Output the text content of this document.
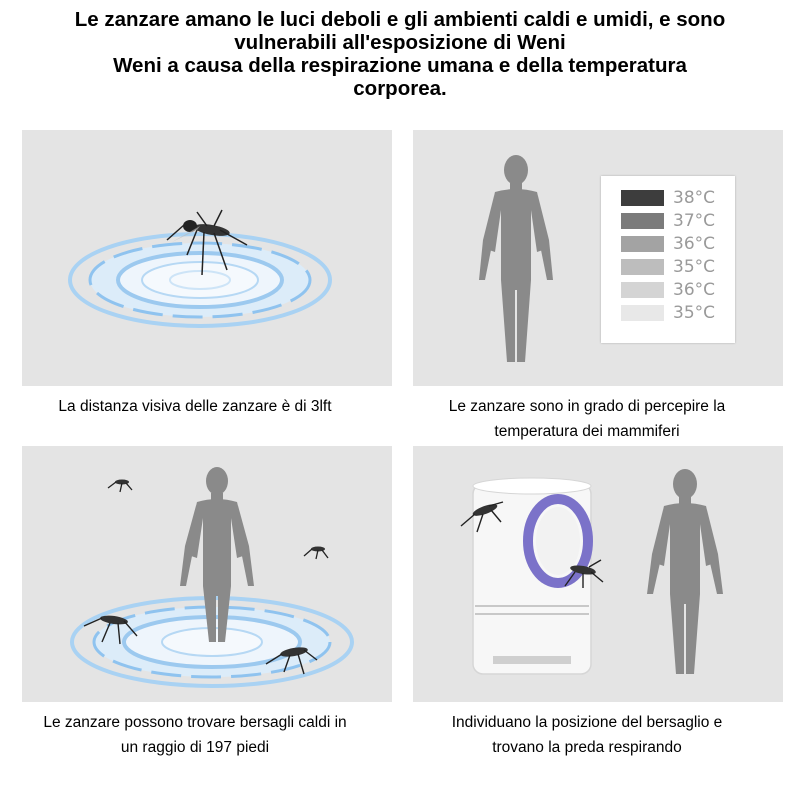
Le zanzare amano le luci deboli e gli ambienti caldi e umidi, e sono
vulnerabili all'esposizione di Weni
Weni a causa della respirazione umana e della temperatura
corporea.
La distanza visiva delle zanzare è di 3lft
38°C
37°C
36°C
35°C
36°C
35°C
Le zanzare sono in grado di percepire la
temperatura dei mammiferi
Le zanzare possono trovare bersagli caldi in
un raggio di 197 piedi
Individuano la posizione del bersaglio e
trovano la preda respirando
